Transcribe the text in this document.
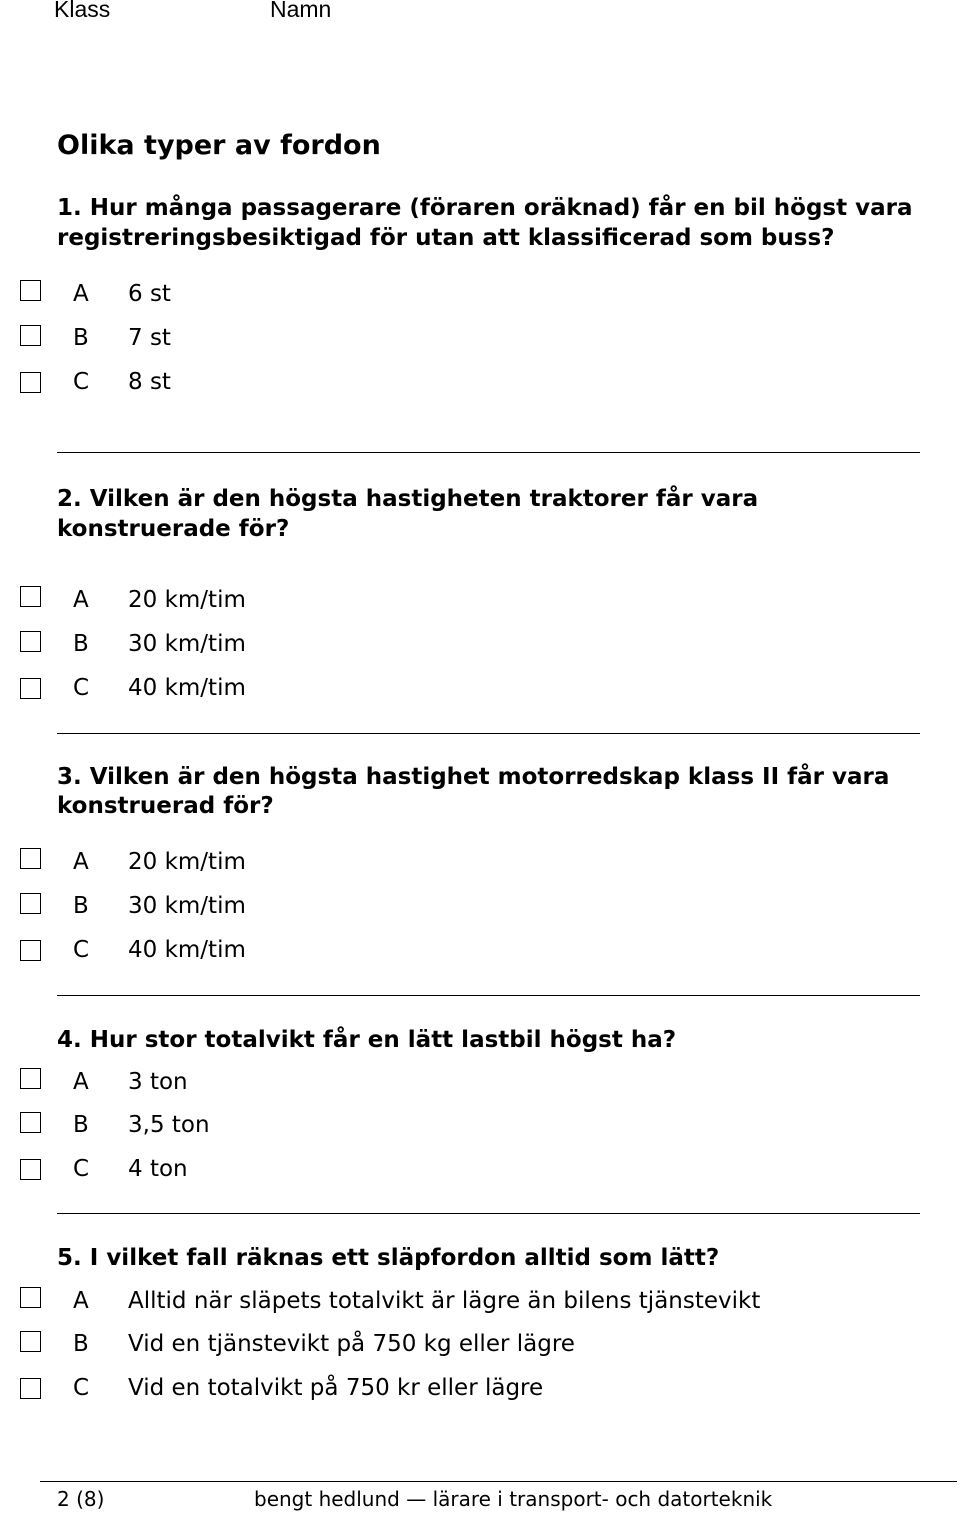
Klass	Namn
Olika typer av fordon
1. Hur många passagerare (föraren oräknad) får en bil högst vara
registreringsbesiktigad för utan att klassificerad som buss?
A 6 st
B 7 st
C 8 st
2. Vilken är den högsta hastigheten traktorer får vara
konstruerade för?
A 20 km/tim
B 30 km/tim
C 40 km/tim
3. Vilken är den högsta hastighet motorredskap klass II får vara
konstruerad för?
A 20 km/tim
B 30 km/tim
C 40 km/tim
4. Hur stor totalvikt får en lätt lastbil högst ha?
A 3 ton
B 3,5 ton
C 4 ton
5. I vilket fall räknas ett släpfordon alltid som lätt?
A Alltid när släpets totalvikt är lägre än bilens tjänstevikt
B Vid en tjänstevikt på 750 kg eller lägre
C Vid en totalvikt på 750 kr eller lägre
2 (8)	bengt hedlund — lärare i transport- och datorteknik
